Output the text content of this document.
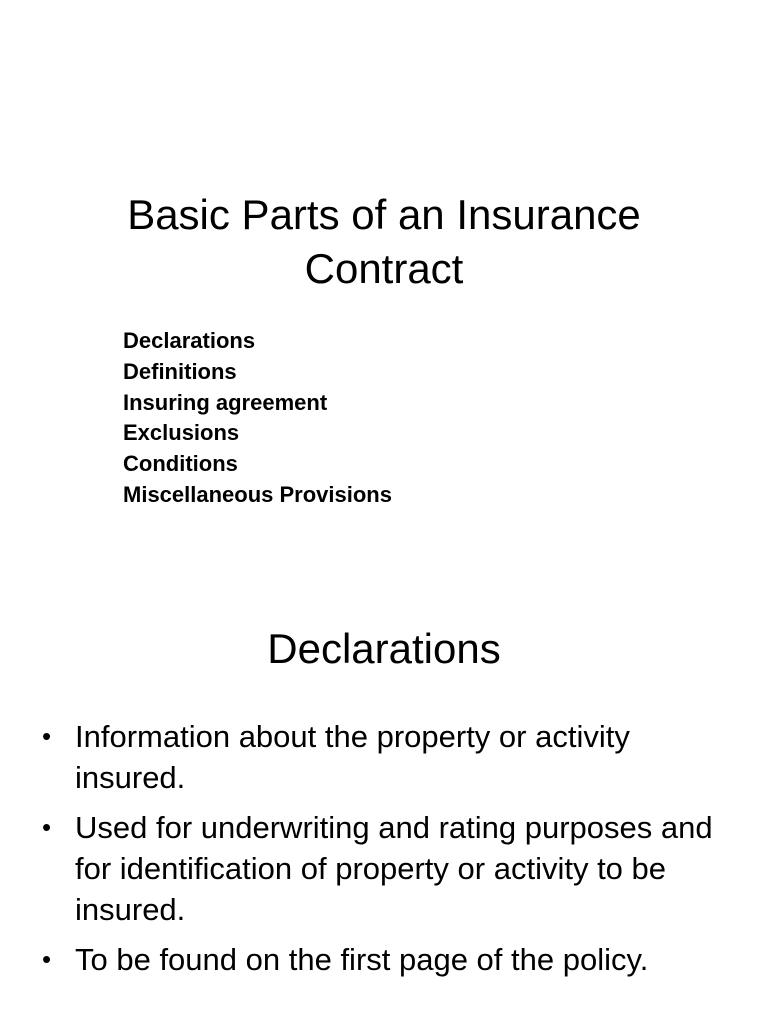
Basic Parts of an Insurance
Contract
Declarations
Definitions
Insuring agreement
Exclusions
Conditions
Miscellaneous Provisions
Declarations
• Information about the property or activity insured.
• Used for underwriting and rating purposes and for identification of property or activity to be insured.
• To be found on the first page of the policy.
